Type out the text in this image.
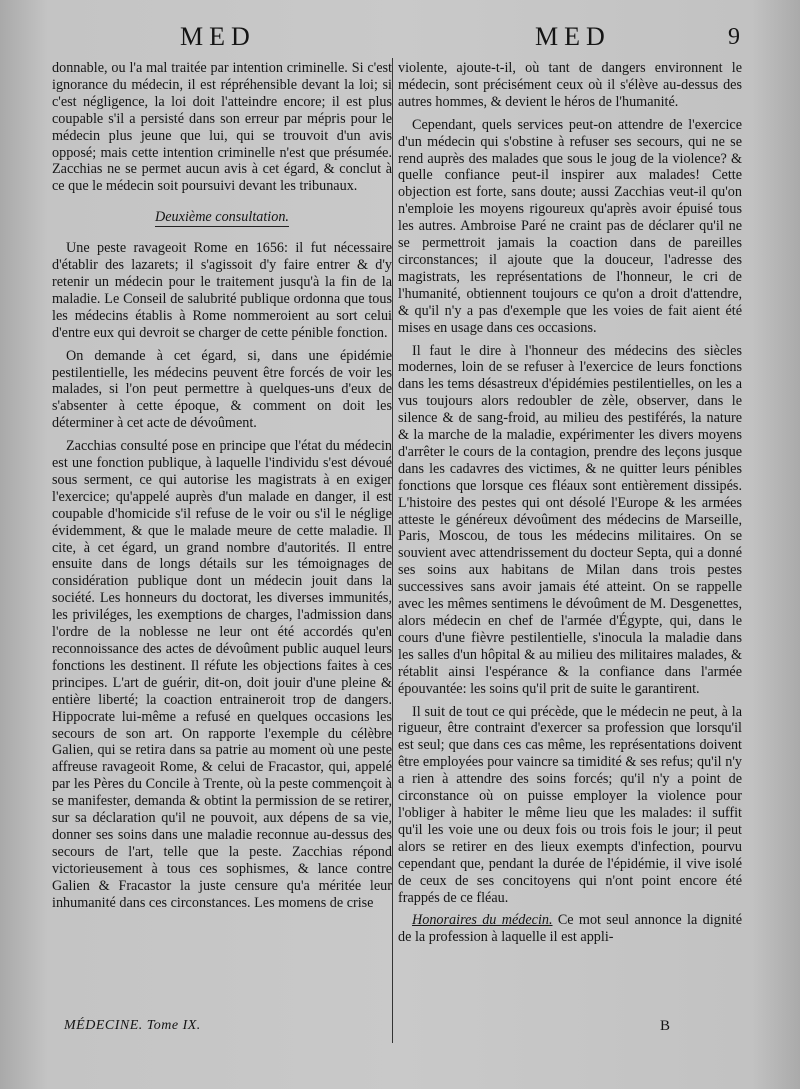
MED	MED	9

donnable, ou l'a mal traitée par intention criminelle. Si c'est ignorance du médecin, il est répréhensible devant la loi; si c'est négligence, la loi doit l'atteindre encore; il est plus coupable s'il a persisté dans son erreur par mépris pour le médecin plus jeune que lui, qui se trouvoit d'un avis opposé; mais cette intention criminelle n'est que présumée. Zacchias ne se permet aucun avis à cet égard, & conclut à ce que le médecin soit poursuivi devant les tribunaux.

Deuxième consultation.

Une peste ravageoit Rome en 1656: il fut nécessaire d'établir des lazarets; il s'agissoit d'y faire entrer & d'y retenir un médecin pour le traitement jusqu'à la fin de la maladie. Le Conseil de salubrité publique ordonna que tous les médecins établis à Rome nommeroient au sort celui d'entre eux qui devroit se charger de cette pénible fonction.

On demande à cet égard, si, dans une épidémie pestilentielle, les médecins peuvent être forcés de voir les malades, si l'on peut permettre à quelques-uns d'eux de s'absenter à cette époque, & comment on doit les déterminer à cet acte de dévoûment.

Zacchias consulté pose en principe que l'état du médecin est une fonction publique, à laquelle l'individu s'est dévoué sous serment, ce qui autorise les magistrats à en exiger l'exercice; qu'appelé auprès d'un malade en danger, il est coupable d'homicide s'il refuse de le voir ou s'il le néglige évidemment, & que le malade meure de cette maladie. Il cite, à cet égard, un grand nombre d'autorités. Il entre ensuite dans de longs détails sur les témoignages de considération publique dont un médecin jouit dans la société. Les honneurs du doctorat, les diverses immunités, les priviléges, les exemptions de charges, l'admission dans l'ordre de la noblesse ne leur ont été accordés qu'en reconnoissance des actes de dévoûment public auquel leurs fonctions les destinent. Il réfute les objections faites à ces principes. L'art de guérir, dit-on, doit jouir d'une pleine & entière liberté; la coaction entraineroit trop de dangers. Hippocrate lui-même a refusé en quelques occasions les secours de son art. On rapporte l'exemple du célèbre Galien, qui se retira dans sa patrie au moment où une peste affreuse ravageoit Rome, & celui de Fracastor, qui, appelé par les Pères du Concile à Trente, où la peste commençoit à se manifester, demanda & obtint la permission de se retirer, sur sa déclaration qu'il ne pouvoit, aux dépens de sa vie, donner ses soins dans une maladie reconnue au-dessus des secours de l'art, telle que la peste. Zacchias répond victorieusement à tous ces sophismes, & lance contre Galien & Fracastor la juste censure qu'a méritée leur inhumanité dans ces circonstances. Les momens de crise

violente, ajoute-t-il, où tant de dangers environnent le médecin, sont précisément ceux où il s'élève au-dessus des autres hommes, & devient le héros de l'humanité.

Cependant, quels services peut-on attendre de l'exercice d'un médecin qui s'obstine à refuser ses secours, qui ne se rend auprès des malades que sous le joug de la violence? & quelle confiance peut-il inspirer aux malades! Cette objection est forte, sans doute; aussi Zacchias veut-il qu'on n'emploie les moyens rigoureux qu'après avoir épuisé tous les autres. Ambroise Paré ne craint pas de déclarer qu'il ne se permettroit jamais la coaction dans de pareilles circonstances; il ajoute que la douceur, l'adresse des magistrats, les représentations de l'honneur, le cri de l'humanité, obtiennent toujours ce qu'on a droit d'attendre, & qu'il n'y a pas d'exemple que les voies de fait aient été mises en usage dans ces occasions.

Il faut le dire à l'honneur des médecins des siècles modernes, loin de se refuser à l'exercice de leurs fonctions dans les tems désastreux d'épidémies pestilentielles, on les a vus toujours alors redoubler de zèle, observer, dans le silence & de sang-froid, au milieu des pestiférés, la nature & la marche de la maladie, expérimenter les divers moyens d'arrêter le cours de la contagion, prendre des leçons jusque dans les cadavres des victimes, & ne quitter leurs pénibles fonctions que lorsque ces fléaux sont entièrement dissipés. L'histoire des pestes qui ont désolé l'Europe & les armées atteste le généreux dévoûment des médecins de Marseille, Paris, Moscou, de tous les médecins militaires. On se souvient avec attendrissement du docteur Septa, qui a donné ses soins aux habitans de Milan dans trois pestes successives sans avoir jamais été atteint. On se rappelle avec les mêmes sentimens le dévoûment de M. Desgenettes, alors médecin en chef de l'armée d'Égypte, qui, dans le cours d'une fièvre pestilentielle, s'inocula la maladie dans les salles d'un hôpital & au milieu des militaires malades, & rétablit ainsi l'espérance & la confiance dans l'armée épouvantée: les soins qu'il prit de suite le garantirent.

Il suit de tout ce qui précède, que le médecin ne peut, à la rigueur, être contraint d'exercer sa profession que lorsqu'il est seul; que dans ces cas même, les représentations doivent être employées pour vaincre sa timidité & ses refus; qu'il n'y a rien à attendre des soins forcés; qu'il n'y a point de circonstance où on puisse employer la violence pour l'obliger à habiter le même lieu que les malades: il suffit qu'il les voie une ou deux fois ou trois fois le jour; il peut alors se retirer en des lieux exempts d'infection, pourvu cependant que, pendant la durée de l'épidémie, il vive isolé de ceux de ses concitoyens qui n'ont point encore été frappés de ce fléau.

Honoraires du médecin. Ce mot seul annonce la dignité de la profession à laquelle il est appli-

MÉDECINE. Tome IX.	B
